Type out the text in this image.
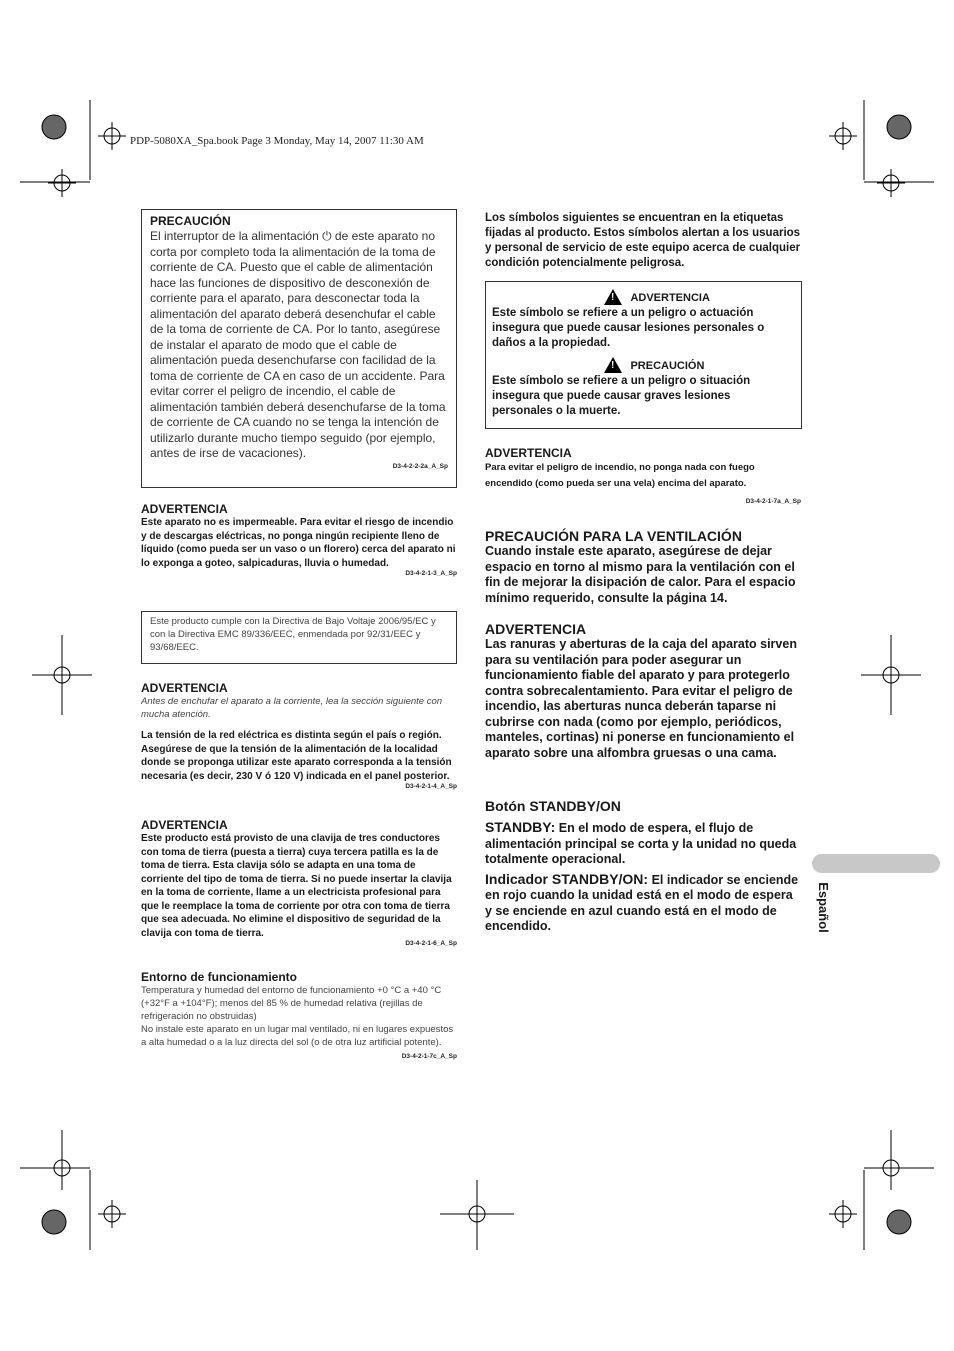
PDP-5080XA_Spa.book Page 3 Monday, May 14, 2007 11:30 AM
PRECAUCIÓN
El interruptor de la alimentación ⏻ de este aparato no corta por completo toda la alimentación de la toma de corriente de CA. Puesto que el cable de alimentación hace las funciones de dispositivo de desconexión de corriente para el aparato, para desconectar toda la alimentación del aparato deberá desenchufar el cable de la toma de corriente de CA. Por lo tanto, asegúrese de instalar el aparato de modo que el cable de alimentación pueda desenchufarse con facilidad de la toma de corriente de CA en caso de un accidente. Para evitar correr el peligro de incendio, el cable de alimentación también deberá desenchufarse de la toma de corriente de CA cuando no se tenga la intención de utilizarlo durante mucho tiempo seguido (por ejemplo, antes de irse de vacaciones).
D3-4-2-2-2a_A_Sp
ADVERTENCIA
Este aparato no es impermeable. Para evitar el riesgo de incendio y de descargas eléctricas, no ponga ningún recipiente lleno de líquido (como pueda ser un vaso o un florero) cerca del aparato ni lo exponga a goteo, salpicaduras, lluvia o humedad.
D3-4-2-1-3_A_Sp
Este producto cumple con la Directiva de Bajo Voltaje 2006/95/EC y con la Directiva EMC 89/336/EEC, enmendada por 92/31/EEC y 93/68/EEC.
ADVERTENCIA
Antes de enchufar el aparato a la corriente, lea la sección siguiente con mucha atención.
La tensión de la red eléctrica es distinta según el país o región. Asegúrese de que la tensión de la alimentación de la localidad donde se proponga utilizar este aparato corresponda a la tensión necesaria (es decir, 230 V ó 120 V) indicada en el panel posterior.
D3-4-2-1-4_A_Sp
ADVERTENCIA
Este producto está provisto de una clavija de tres conductores con toma de tierra (puesta a tierra) cuya tercera patilla es la de toma de tierra. Esta clavija sólo se adapta en una toma de corriente del tipo de toma de tierra. Si no puede insertar la clavija en la toma de corriente, llame a un electricista profesional para que le reemplace la toma de corriente por otra con toma de tierra que sea adecuada. No elimine el dispositivo de seguridad de la clavija con toma de tierra.
D3-4-2-1-6_A_Sp
Entorno de funcionamiento
Temperatura y humedad del entorno de funcionamiento +0 °C a +40 °C (+32°F a +104°F); menos del 85 % de humedad relativa (rejillas de refrigeración no obstruidas)
No instale este aparato en un lugar mal ventilado, ni en lugares expuestos a alta humedad o a la luz directa del sol (o de otra luz artificial potente).
D3-4-2-1-7c_A_Sp
Los símbolos siguientes se encuentran en la etiquetas fijadas al producto. Estos símbolos alertan a los usuarios y personal de servicio de este equipo acerca de cualquier condición potencialmente peligrosa.
! ADVERTENCIA
Este símbolo se refiere a un peligro o actuación insegura que puede causar lesiones personales o daños a la propiedad.
! PRECAUCIÓN
Este símbolo se refiere a un peligro o situación insegura que puede causar graves lesiones personales o la muerte.
ADVERTENCIA
Para evitar el peligro de incendio, no ponga nada con fuego encendido (como pueda ser una vela) encima del aparato.
D3-4-2-1-7a_A_Sp
PRECAUCIÓN PARA LA VENTILACIÓN
Cuando instale este aparato, asegúrese de dejar espacio en torno al mismo para la ventilación con el fin de mejorar la disipación de calor. Para el espacio mínimo requerido, consulte la página 14.
ADVERTENCIA
Las ranuras y aberturas de la caja del aparato sirven para su ventilación para poder asegurar un funcionamiento fiable del aparato y para protegerlo contra sobrecalentamiento. Para evitar el peligro de incendio, las aberturas nunca deberán taparse ni cubrirse con nada (como por ejemplo, periódicos, manteles, cortinas) ni ponerse en funcionamiento el aparato sobre una alfombra gruesas o una cama.
Botón STANDBY/ON
STANDBY: En el modo de espera, el flujo de alimentación principal se corta y la unidad no queda totalmente operacional.
Indicador STANDBY/ON: El indicador se enciende en rojo cuando la unidad está en el modo de espera y se enciende en azul cuando está en el modo de encendido.	Español
